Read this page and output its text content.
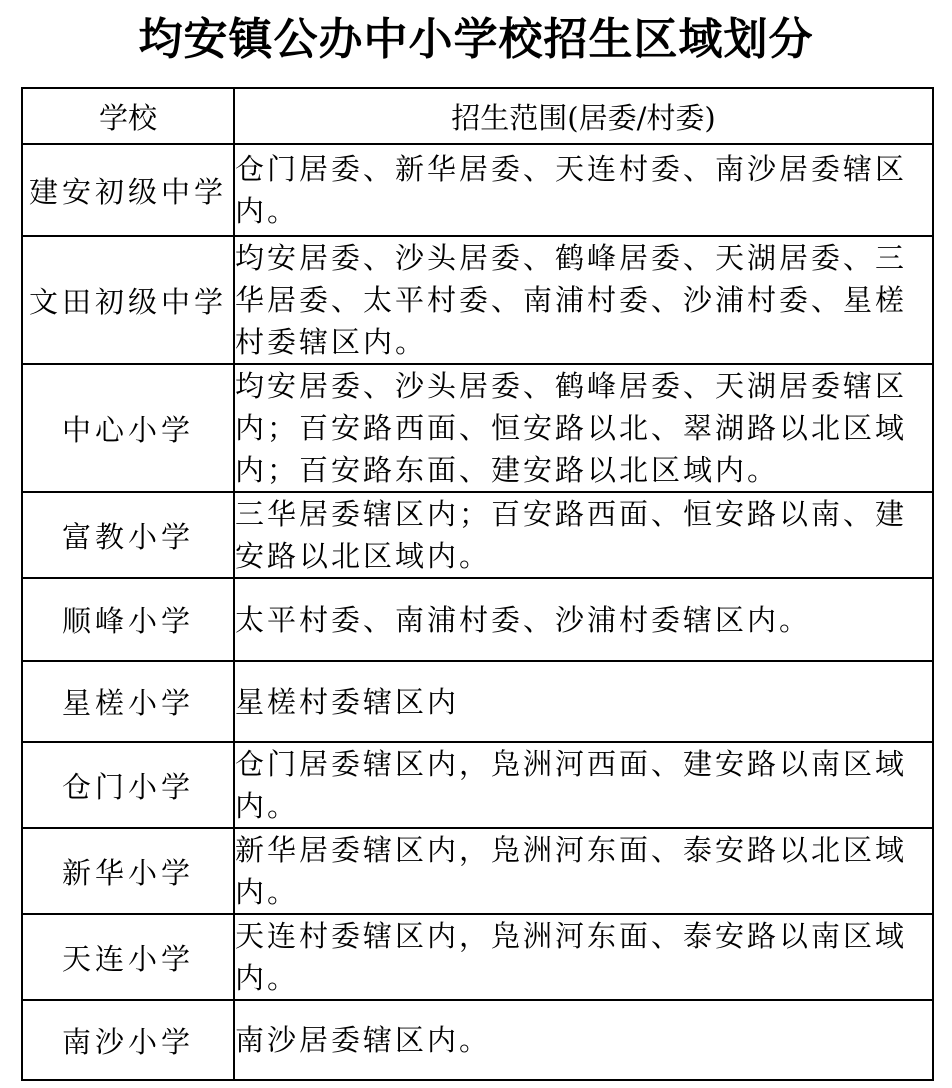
均安镇公办中小学校招生区域划分
学校	招生范围(居委/村委)
建安初级中学	仓门居委、新华居委、天连村委、南沙居委辖区内。
文田初级中学	均安居委、沙头居委、鹤峰居委、天湖居委、三华居委、太平村委、南浦村委、沙浦村委、星槎村委辖区内。
中心小学	均安居委、沙头居委、鹤峰居委、天湖居委辖区内；百安路西面、恒安路以北、翠湖路以北区域内；百安路东面、建安路以北区域内。
富教小学	三华居委辖区内；百安路西面、恒安路以南、建安路以北区域内。
顺峰小学	太平村委、南浦村委、沙浦村委辖区内。
星槎小学	星槎村委辖区内
仓门小学	仓门居委辖区内，凫洲河西面、建安路以南区域内。
新华小学	新华居委辖区内，凫洲河东面、泰安路以北区域内。
天连小学	天连村委辖区内，凫洲河东面、泰安路以南区域内。
南沙小学	南沙居委辖区内。
